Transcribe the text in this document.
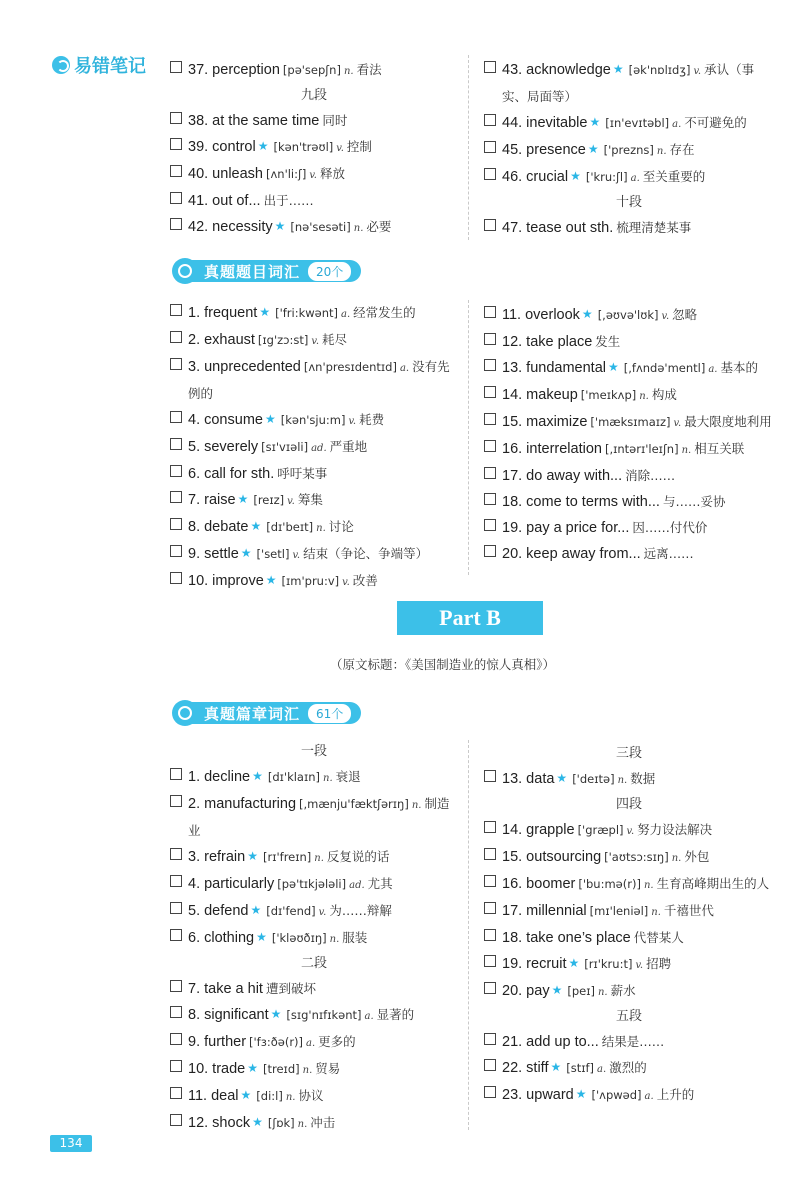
易错笔记	37. perception [pə'sepʃn] n. 看法
九段
38. at the same time 同时
39. control ★ [kən'trəʊl] v. 控制
40. unleash [ʌn'li:ʃ] v. 释放
41. out of... 出于……
42. necessity ★ [nə'sesəti] n. 必要
43. acknowledge ★ [ək'nɒlɪdʒ] v. 承认（事实、局面等）
44. inevitable ★ [ɪn'evɪtəbl] a. 不可避免的
45. presence ★ ['prezns] n. 存在
46. crucial ★ ['kru:ʃl] a. 至关重要的
十段
47. tease out sth. 梳理清楚某事
真题题目词汇	20个
1. frequent ★ ['fri:kwənt] a. 经常发生的
2. exhaust [ɪg'zɔ:st] v. 耗尽
3. unprecedented [ʌn'presɪdentɪd] a. 没有先例的
4. consume ★ [kən'sju:m] v. 耗费
5. severely [sɪ'vɪəli] ad. 严重地
6. call for sth. 呼吁某事
7. raise ★ [reɪz] v. 筹集
8. debate ★ [dɪ'beɪt] n. 讨论
9. settle ★ ['setl] v. 结束（争论、争端等）
10. improve ★ [ɪm'pru:v] v. 改善
11. overlook ★ [,əʊvə'lʊk] v. 忽略
12. take place 发生
13. fundamental ★ [,fʌndə'mentl] a. 基本的
14. makeup ['meɪkʌp] n. 构成
15. maximize ['mæksɪmaɪz] v. 最大限度地利用
16. interrelation [,ɪntərɪ'leɪʃn] n. 相互关联
17. do away with... 消除……
18. come to terms with... 与……妥协
19. pay a price for... 因……付代价
20. keep away from... 远离……
Part B
（原文标题：《美国制造业的惊人真相》）
真题篇章词汇	61个
一段
1. decline ★ [dɪ'klaɪn] n. 衰退
2. manufacturing [,mænju'fæktʃərɪŋ] n. 制造业
3. refrain ★ [rɪ'freɪn] n. 反复说的话
4. particularly [pə'tɪkjələli] ad. 尤其
5. defend ★ [dɪ'fend] v. 为……辩解
6. clothing ★ ['kləʊðɪŋ] n. 服装
二段
7. take a hit 遭到破坏
8. significant ★ [sɪg'nɪfɪkənt] a. 显著的
9. further ['fɜ:ðə(r)] a. 更多的
10. trade ★ [treɪd] n. 贸易
11. deal ★ [di:l] n. 协议
12. shock ★ [ʃɒk] n. 冲击
三段
13. data ★ ['deɪtə] n. 数据
四段
14. grapple ['græpl] v. 努力设法解决
15. outsourcing ['aʊtsɔ:sɪŋ] n. 外包
16. boomer ['bu:mə(r)] n. 生育高峰期出生的人
17. millennial [mɪ'leniəl] n. 千禧世代
18. take one’s place 代替某人
19. recruit ★ [rɪ'kru:t] v. 招聘
20. pay ★ [peɪ] n. 薪水
五段
21. add up to... 结果是……
22. stiff ★ [stɪf] a. 激烈的
23. upward ★ ['ʌpwəd] a. 上升的
134
